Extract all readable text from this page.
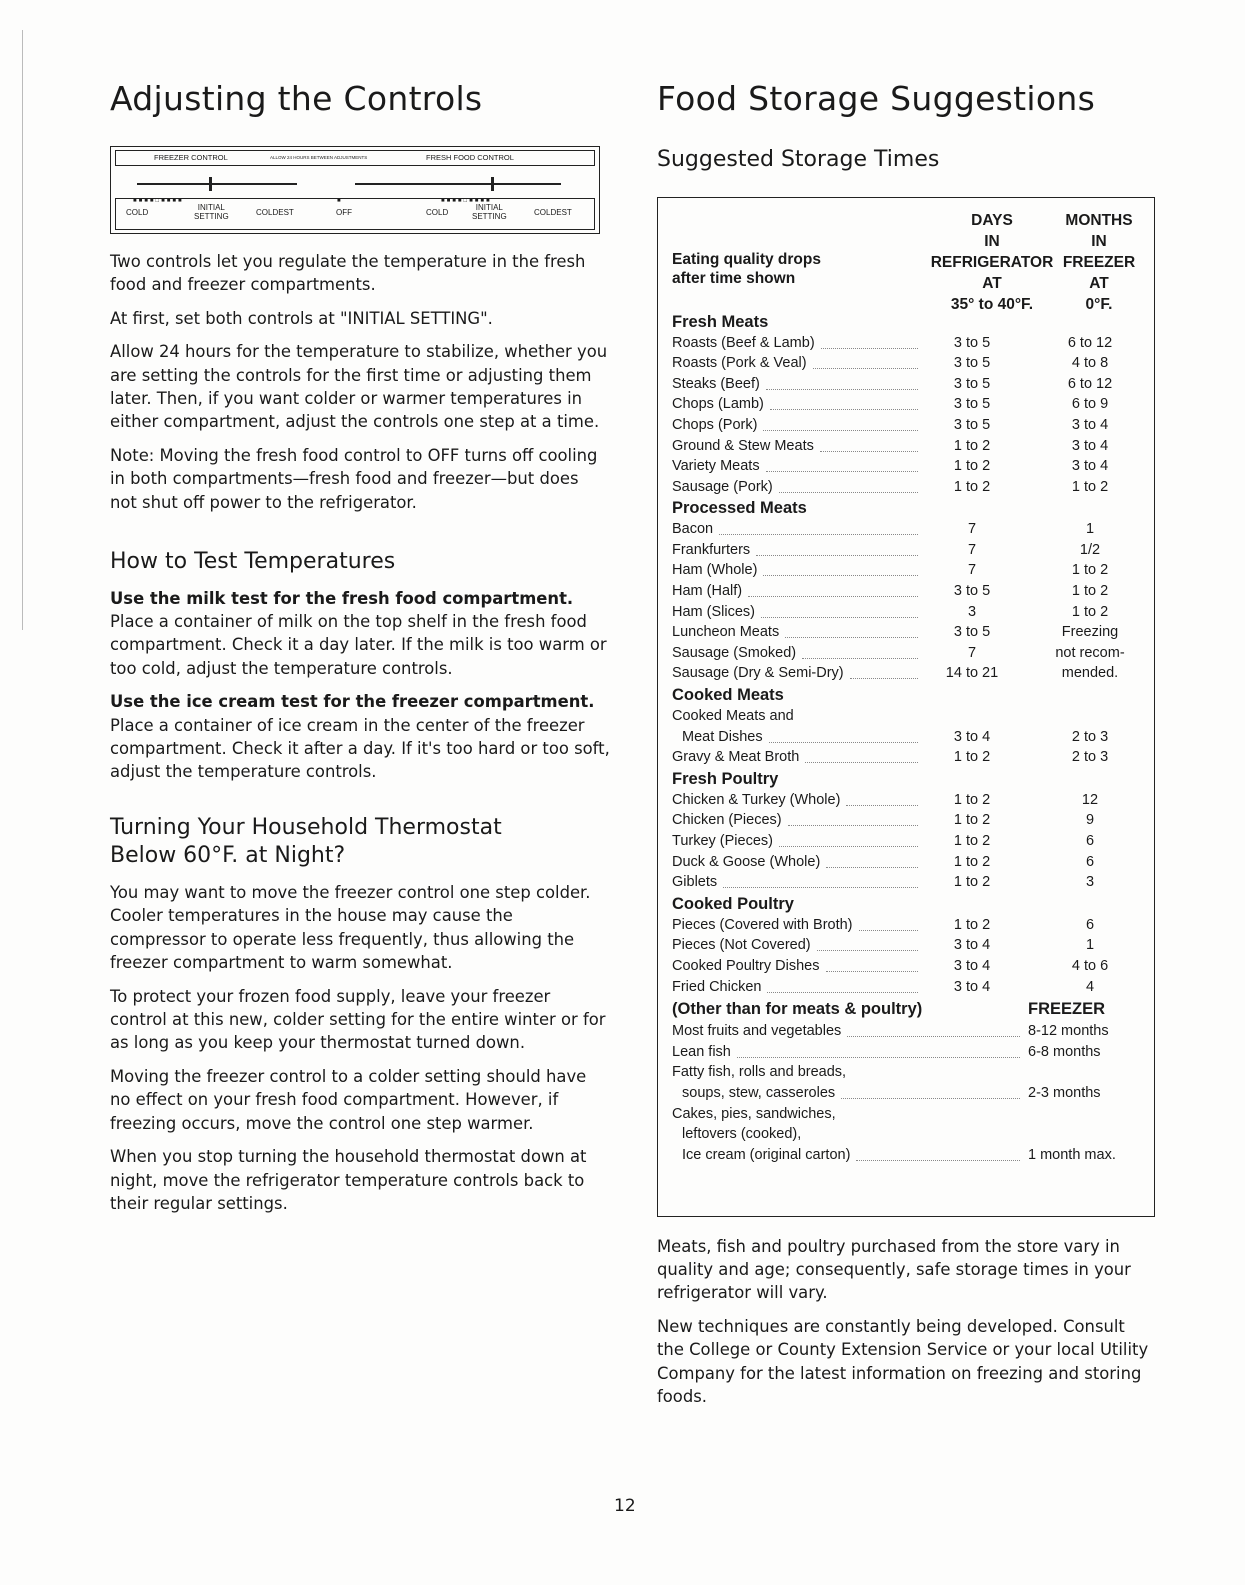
Adjusting the Controls
FREEZER CONTROL	ALLOW 24 HOURS BETWEEN ADJUSTMENTS	FRESH FOOD CONTROL
■■■■□■■■■	■	■■■■□■■■■
COLD
INITIAL
SETTING	COLDEST	OFF	COLD
INITIAL
SETTING	COLDEST

Two controls let you regulate the temperature in the fresh food and freezer compartments.

At first, set both controls at "INITIAL SETTING".

Allow 24 hours for the temperature to stabilize, whether you are setting the controls for the first time or adjusting them later. Then, if you want colder or warmer temperatures in either compartment, adjust the controls one step at a time.

Note: Moving the fresh food control to OFF turns off cooling in both compartments—fresh food and freezer—but does not shut off power to the refrigerator.

How to Test Temperatures

Use the milk test for the fresh food compartment.

Place a container of milk on the top shelf in the fresh food compartment. Check it a day later. If the milk is too warm or too cold, adjust the temperature controls.

Use the ice cream test for the freezer compartment.

Place a container of ice cream in the center of the freezer compartment. Check it after a day. If it's too hard or too soft, adjust the temperature controls.

Turning Your Household Thermostat
Below 60°F. at Night?

You may want to move the freezer control one step colder. Cooler temperatures in the house may cause the compressor to operate less frequently, thus allowing the freezer compartment to warm somewhat.

To protect your frozen food supply, leave your freezer control at this new, colder setting for the entire winter or for as long as you keep your thermostat turned down.

Moving the freezer control to a colder setting should have no effect on your fresh food compartment. However, if freezing occurs, move the control one step warmer.

When you stop turning the household thermostat down at night, move the refrigerator temperature controls back to their regular settings.

Food Storage Suggestions
Suggested Storage Times
Eating quality drops
after time shown
DAYS
IN
REFRIGERATOR
AT
35° to 40°F.
MONTHS
IN
FREEZER
AT
0°F.
Fresh Meats
Roasts (Beef & Lamb)	3 to 5	6 to 12
Roasts (Pork & Veal)	3 to 5	4 to 8
Steaks (Beef)	3 to 5	6 to 12
Chops (Lamb)	3 to 5	6 to 9
Chops (Pork)	3 to 5	3 to 4
Ground & Stew Meats	1 to 2	3 to 4
Variety Meats	1 to 2	3 to 4
Sausage (Pork)	1 to 2	1 to 2
Processed Meats
Bacon	7	1
Frankfurters	7	1/2
Ham (Whole)	7	1 to 2
Ham (Half)	3 to 5	1 to 2
Ham (Slices)	3	1 to 2
Luncheon Meats	3 to 5	Freezing
Sausage (Smoked)	7	not recom-
Sausage (Dry & Semi-Dry)	14 to 21	mended.
Cooked Meats
Cooked Meats and
Meat Dishes	3 to 4	2 to 3
Gravy & Meat Broth	1 to 2	2 to 3
Fresh Poultry
Chicken & Turkey (Whole)	1 to 2	12
Chicken (Pieces)	1 to 2	9
Turkey (Pieces)	1 to 2	6
Duck & Goose (Whole)	1 to 2	6
Giblets	1 to 2	3
Cooked Poultry
Pieces (Covered with Broth)	1 to 2	6
Pieces (Not Covered)	3 to 4	1
Cooked Poultry Dishes	3 to 4	4 to 6
Fried Chicken	3 to 4	4
(Other than for meats & poultry)	FREEZER
Most fruits and vegetables	8-12 months
Lean fish	6-8 months
Fatty fish, rolls and breads,
soups, stew, casseroles	2-3 months
Cakes, pies, sandwiches,
leftovers (cooked),
Ice cream (original carton)	1 month max.

Meats, fish and poultry purchased from the store vary in quality and age; consequently, safe storage times in your refrigerator will vary.

New techniques are constantly being developed. Consult the College or County Extension Service or your local Utility Company for the latest information on freezing and storing foods.

12
